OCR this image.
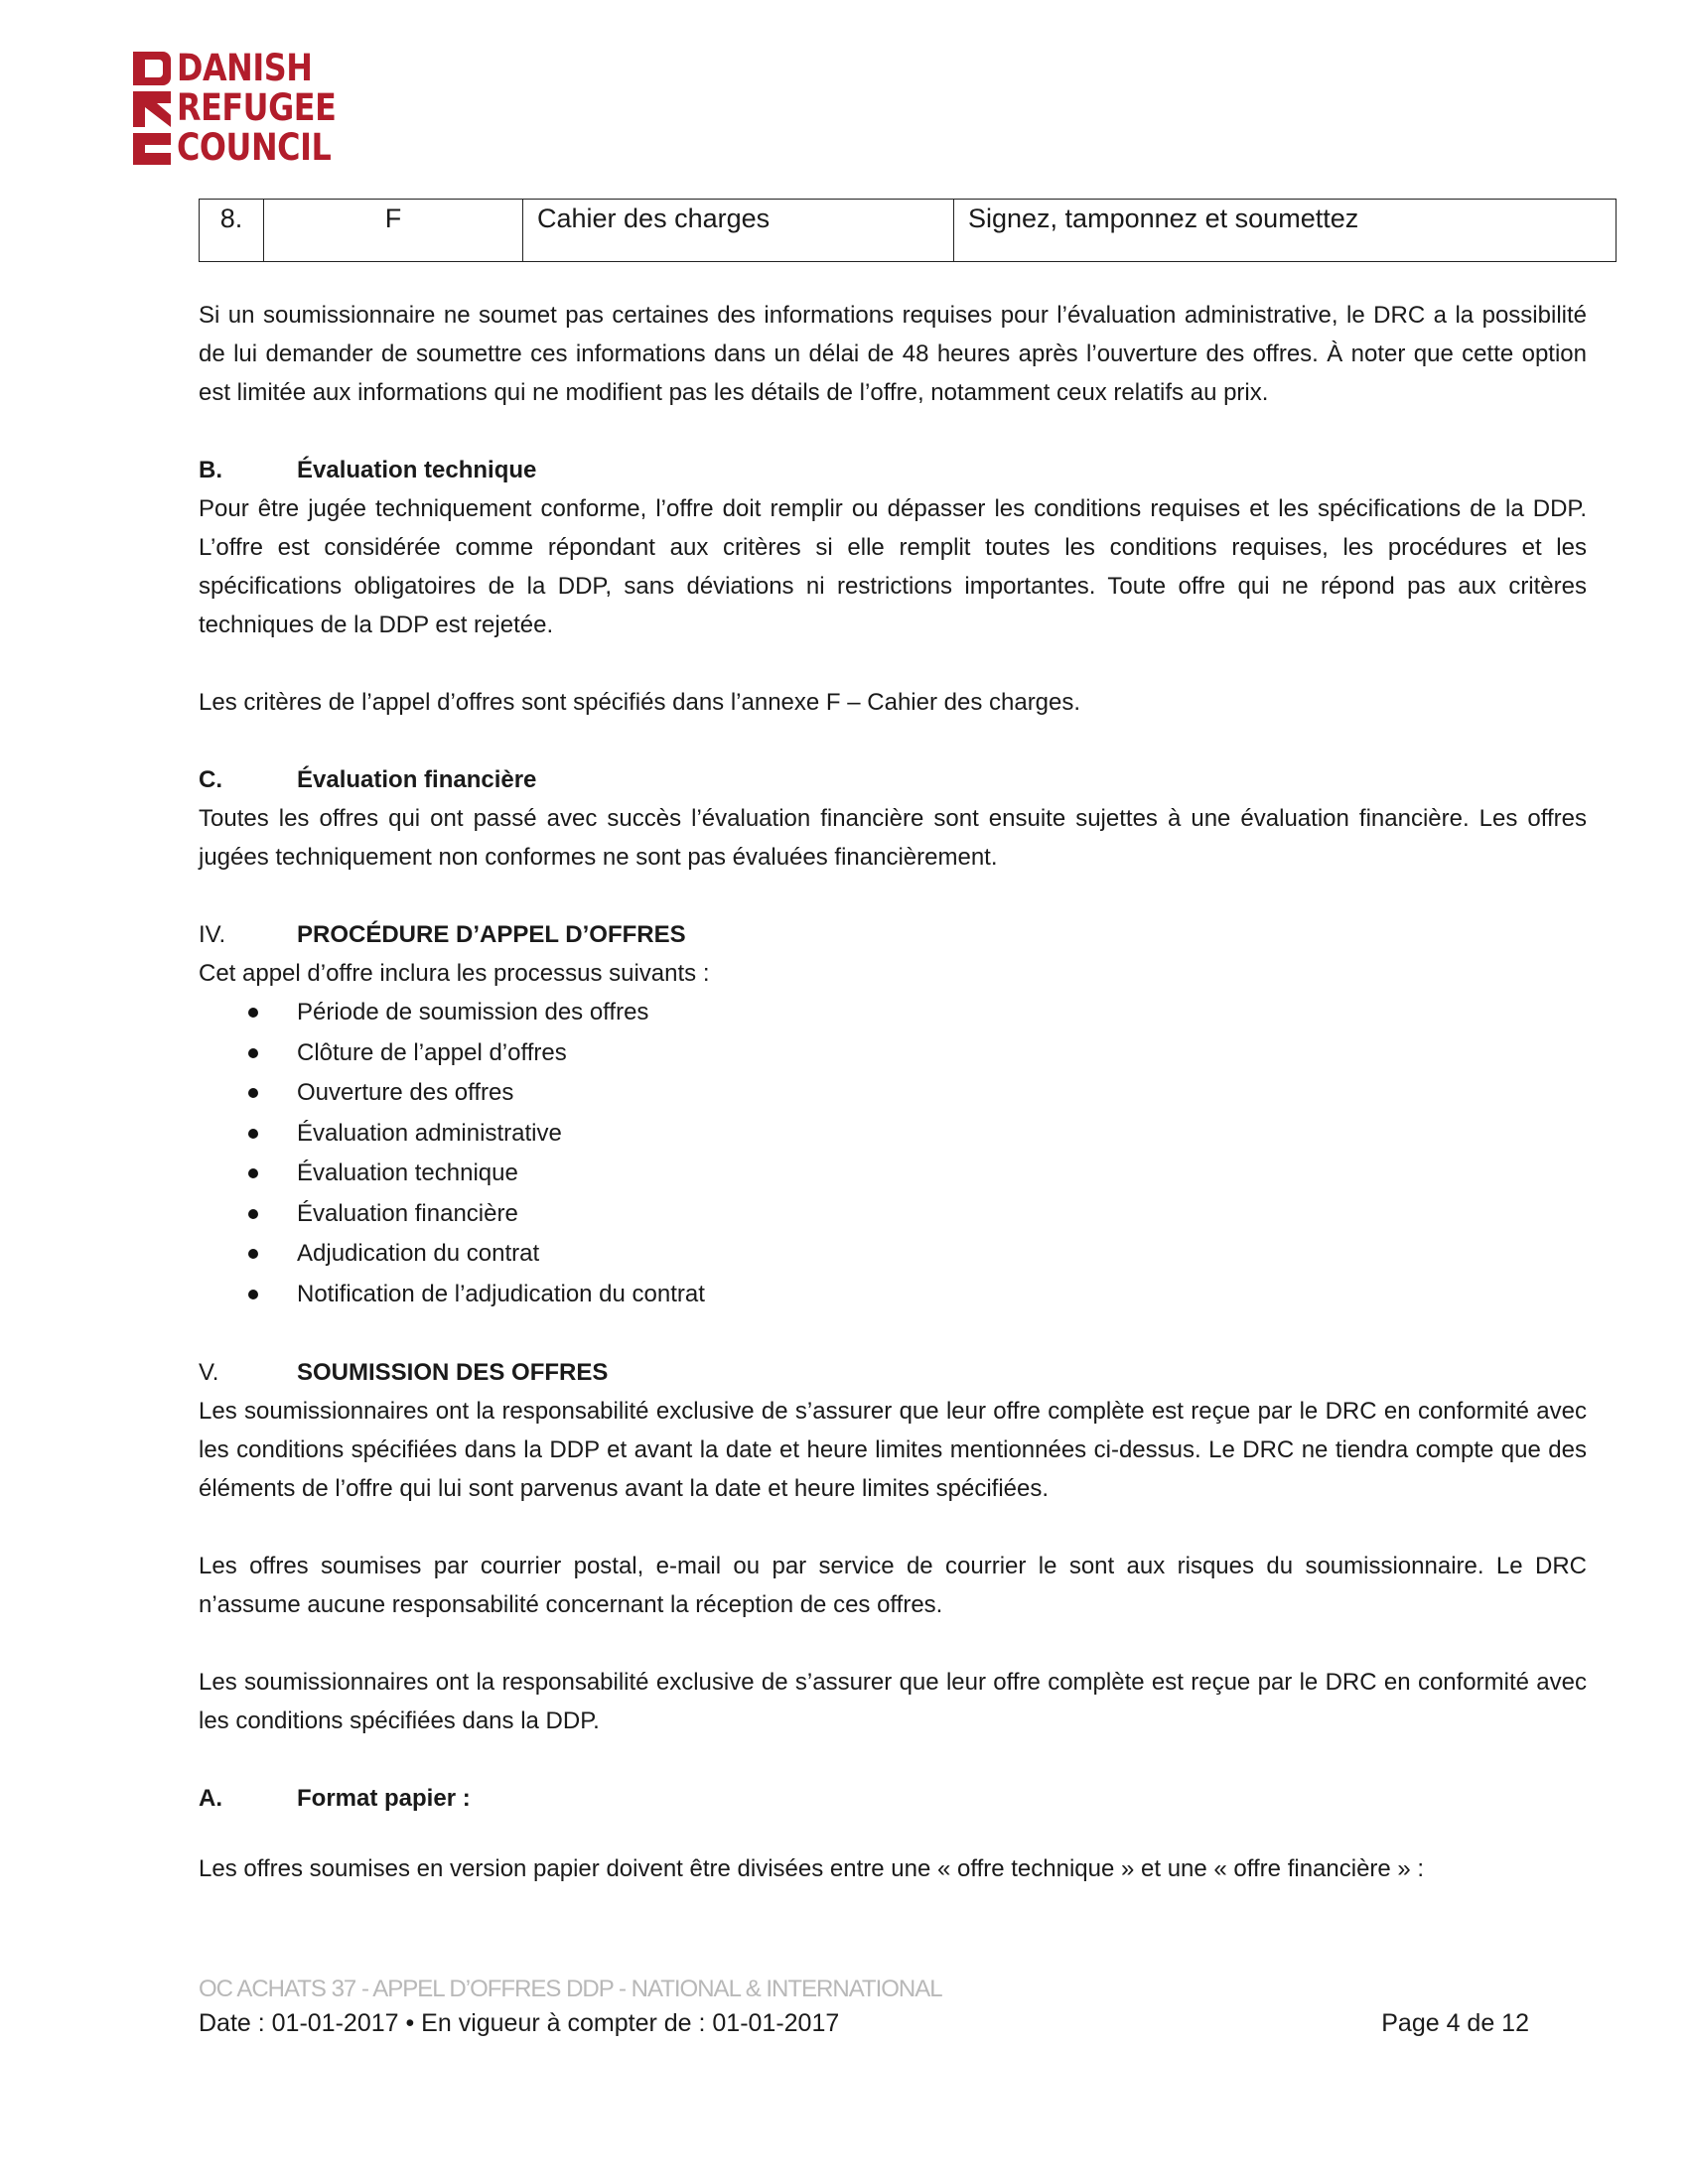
DANISH
REFUGEE
COUNCIL
8.	F	Cahier des charges	Signez, tamponnez et soumettez

Si un soumissionnaire ne soumet pas certaines des informations requises pour l’évaluation administrative, le DRC a la possibilité de lui demander de soumettre ces informations dans un délai de 48 heures après l’ouverture des offres. À noter que cette option est limitée aux informations qui ne modifient pas les détails de l’offre, notamment ceux relatifs au prix.

B.	Évaluation technique

Pour être jugée techniquement conforme, l’offre doit remplir ou dépasser les conditions requises et les spécifications de la DDP. L’offre est considérée comme répondant aux critères si elle remplit toutes les conditions requises, les procédures et les spécifications obligatoires de la DDP, sans déviations ni restrictions importantes. Toute offre qui ne répond pas aux critères techniques de la DDP est rejetée.

Les critères de l’appel d’offres sont spécifiés dans l’annexe F – Cahier des charges.

C.	Évaluation financière

Toutes les offres qui ont passé avec succès l’évaluation financière sont ensuite sujettes à une évaluation financière. Les offres jugées techniquement non conformes ne sont pas évaluées financièrement.

IV.	PROCÉDURE D’APPEL D’OFFRES

Cet appel d’offre inclura les processus suivants :

Période de soumission des offres
Clôture de l’appel d’offres
Ouverture des offres
Évaluation administrative
Évaluation technique
Évaluation financière
Adjudication du contrat
Notification de l’adjudication du contrat
V.	SOUMISSION DES OFFRES

Les soumissionnaires ont la responsabilité exclusive de s’assurer que leur offre complète est reçue par le DRC en conformité avec les conditions spécifiées dans la DDP et avant la date et heure limites mentionnées ci-dessus. Le DRC ne tiendra compte que des éléments de l’offre qui lui sont parvenus avant la date et heure limites spécifiées.

Les offres soumises par courrier postal, e-mail ou par service de courrier le sont aux risques du soumissionnaire. Le DRC n’assume aucune responsabilité concernant la réception de ces offres.

Les soumissionnaires ont la responsabilité exclusive de s’assurer que leur offre complète est reçue par le DRC en conformité avec les conditions spécifiées dans la DDP.

A.	Format papier :

Les offres soumises en version papier doivent être divisées entre une « offre technique » et une « offre financière » :

OC ACHATS 37 - APPEL D’OFFRES DDP - NATIONAL & INTERNATIONAL
Date : 01-01-2017 • En vigueur à compter de : 01-01-2017	Page 4 de 12
